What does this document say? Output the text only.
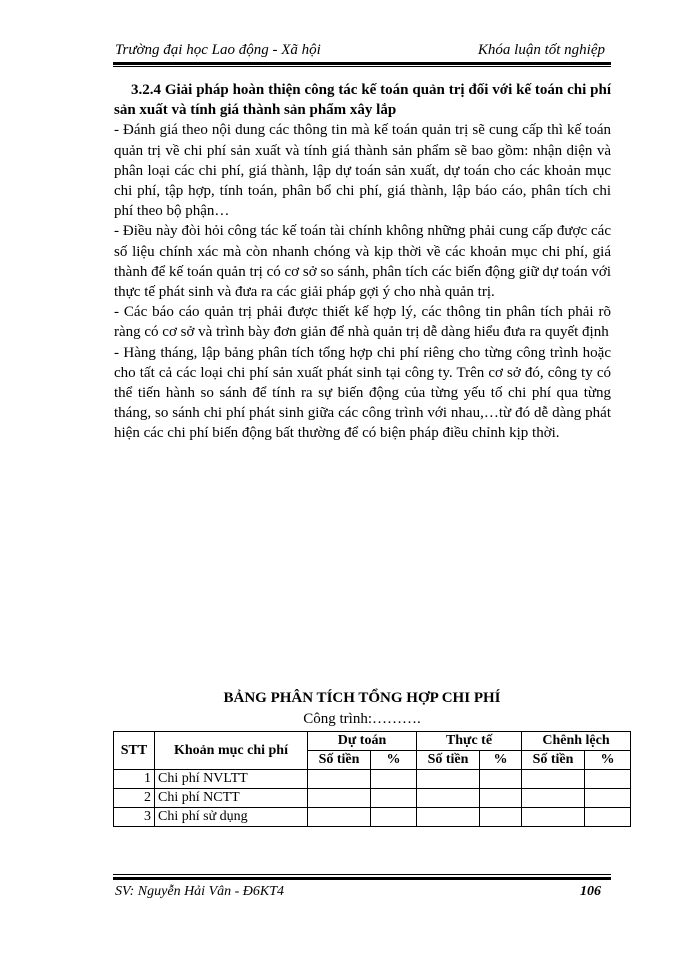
Trường đại học Lao động - Xã hội	Khóa luận tốt nghiệp

3.2.4 Giải pháp hoàn thiện công tác kế toán quản trị đối với kế toán chi phí sản xuất và tính giá thành sản phẩm xây lắp

- Đánh giá theo nội dung các thông tin mà kế toán quản trị sẽ cung cấp thì kế toán quản trị về chi phí sản xuất và tính giá thành sản phẩm sẽ bao gồm: nhận diện và phân loại các chi phí, giá thành, lập dự toán sản xuất, dự toán cho các khoản mục chi phí, tập hợp, tính toán, phân bổ chi phí, giá thành, lập báo cáo, phân tích chi phí theo bộ phận…

- Điều này đòi hỏi công tác kế toán tài chính không những phải cung cấp được các số liệu chính xác mà còn nhanh chóng và kịp thời về các khoản mục chi phí, giá thành để kế toán quản trị có cơ sở so sánh, phân tích các biến động giữ dự toán với thực tế phát sinh và đưa ra các giải pháp gợi ý cho nhà quản trị.

- Các báo cáo quản trị phải được thiết kế hợp lý, các thông tin phân tích phải rõ ràng có cơ sở và trình bày đơn giản để nhà quản trị dễ dàng hiểu đưa ra quyết định

- Hàng tháng, lập bảng phân tích tổng hợp chi phí riêng cho từng công trình hoặc cho tất cả các loại chi phí sản xuất phát sinh tại công ty. Trên cơ sở đó, công ty có thể tiến hành so sánh để tính ra sự biến động của từng yếu tố chi phí qua từng tháng, so sánh chi phí phát sinh giữa các công trình với nhau,…từ đó dễ dàng phát hiện các chi phí biến động bất thường để có biện pháp điều chỉnh kịp thời.

BẢNG PHÂN TÍCH TỔNG HỢP CHI PHÍ
Công trình:……….
STT	Khoản mục chi phí	Dự toán		Thực tế		Chênh lệch	
		Số tiền	%	Số tiền	%	Số tiền	%
1	Chi phí NVLTT						
2	Chi phí NCTT						
3	Chi phí sử dụng						
SV: Nguyễn Hải Vân - Đ6KT4	106
